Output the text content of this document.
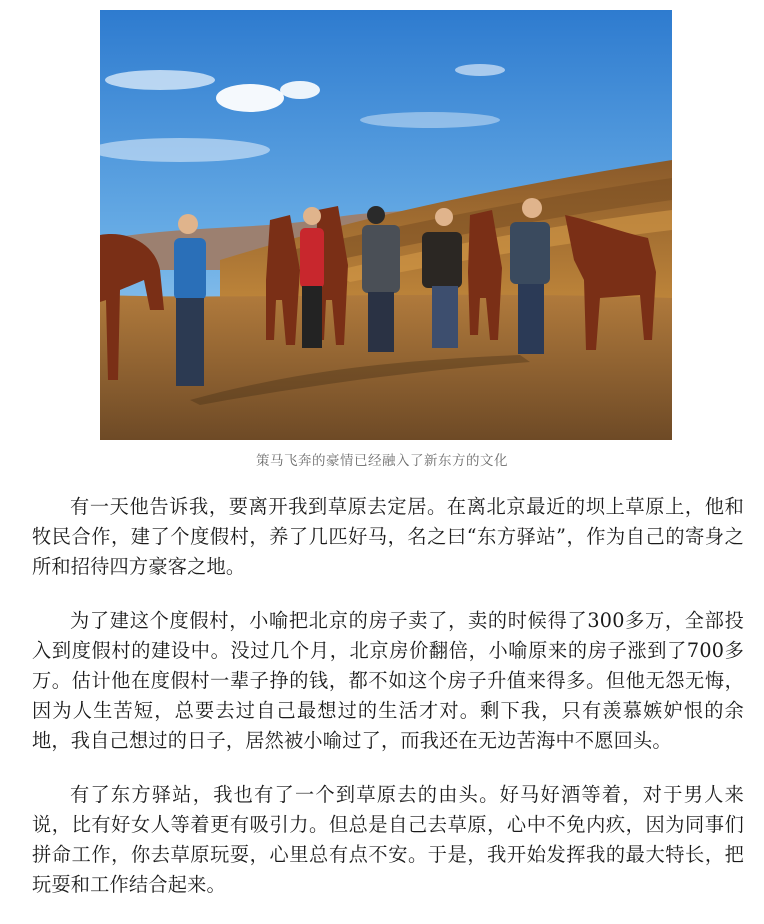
策马飞奔的豪情已经融入了新东方的文化

有一天他告诉我，要离开我到草原去定居。在离北京最近的坝上草原上，他和牧民合作，建了个度假村，养了几匹好马，名之曰“东方驿站”，作为自己的寄身之所和招待四方豪客之地。

为了建这个度假村，小喻把北京的房子卖了，卖的时候得了300多万，全部投入到度假村的建设中。没过几个月，北京房价翻倍，小喻原来的房子涨到了700多万。估计他在度假村一辈子挣的钱，都不如这个房子升值来得多。但他无怨无悔，因为人生苦短，总要去过自己最想过的生活才对。剩下我，只有羡慕嫉妒恨的余地，我自己想过的日子，居然被小喻过了，而我还在无边苦海中不愿回头。

有了东方驿站，我也有了一个到草原去的由头。好马好酒等着，对于男人来说，比有好女人等着更有吸引力。但总是自己去草原，心中不免内疚，因为同事们拼命工作，你去草原玩耍，心里总有点不安。于是，我开始发挥我的最大特长，把玩耍和工作结合起来。
